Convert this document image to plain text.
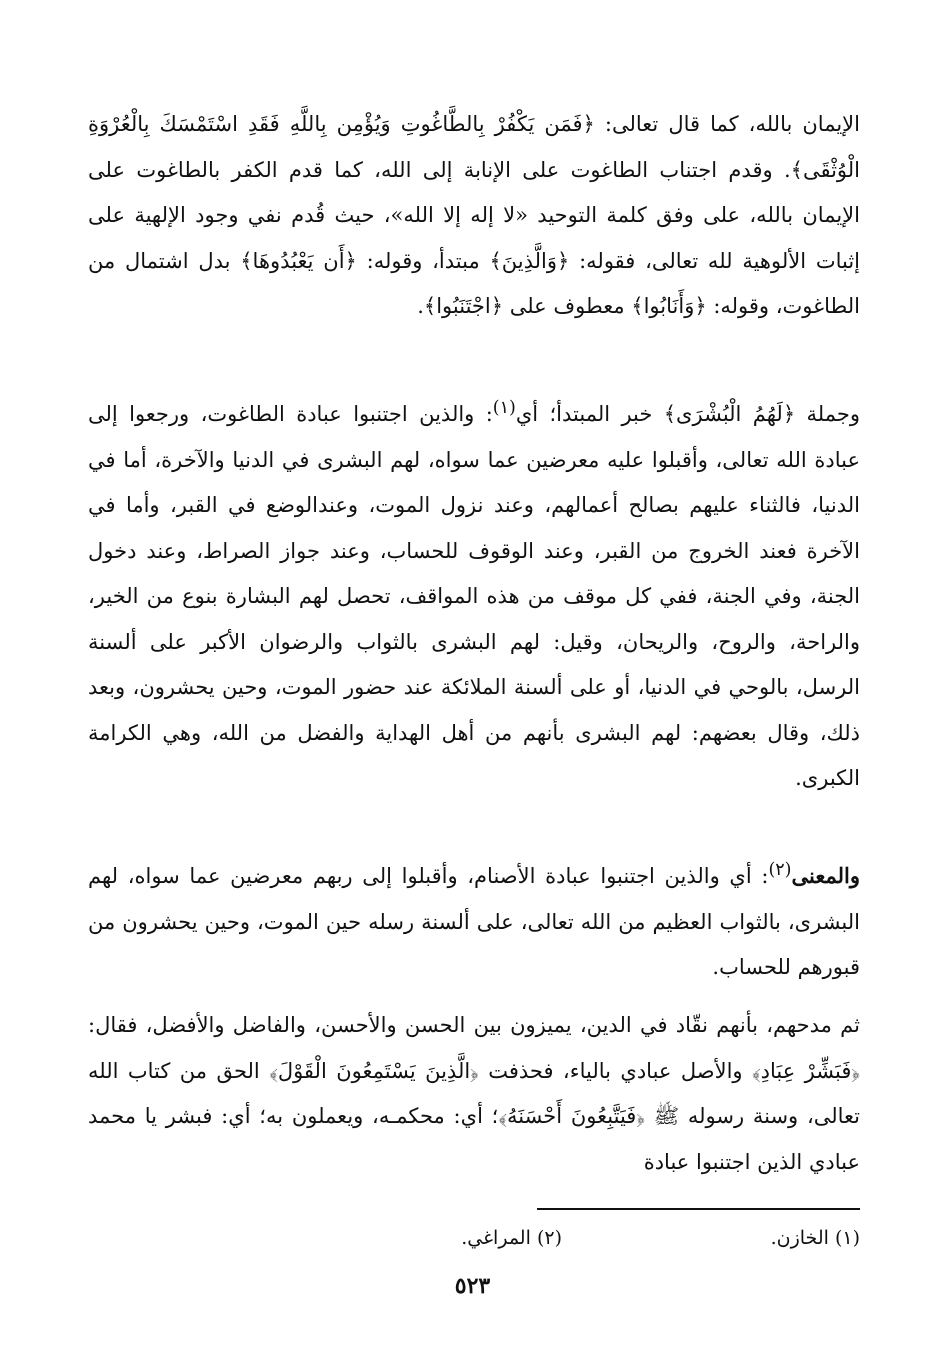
الإيمان بالله، كما قال تعالى: ﴿فَمَن يَكْفُرْ بِالطَّاغُوتِ وَيُؤْمِن بِاللَّهِ فَقَدِ اسْتَمْسَكَ بِالْعُرْوَةِ الْوُثْقَى﴾. وقدم اجتناب الطاغوت على الإنابة إلى الله، كما قدم الكفر بالطاغوت على الإيمان بالله، على وفق كلمة التوحيد «لا إله إلا الله»، حيث قُدم نفي وجود الإلهية على إثبات الألوهية لله تعالى، فقوله: ﴿وَالَّذِينَ﴾ مبتدأ، وقوله: ﴿أَن يَعْبُدُوهَا﴾ بدل اشتمال من الطاغوت، وقوله: ﴿وَأَنَابُوا﴾ معطوف على ﴿اجْتَنَبُوا﴾.

وجملة ﴿لَهُمُ الْبُشْرَى﴾ خبر المبتدأ؛ أي$^{(١)}$: والذين اجتنبوا عبادة الطاغوت، ورجعوا إلى عبادة الله تعالى، وأقبلوا عليه معرضين عما سواه، لهم البشرى في الدنيا والآخرة، أما في الدنيا، فالثناء عليهم بصالح أعمالهم، وعند نزول الموت، وعندالوضع في القبر، وأما في الآخرة فعند الخروج من القبر، وعند الوقوف للحساب، وعند جواز الصراط، وعند دخول الجنة، وفي الجنة، ففي كل موقف من هذه المواقف، تحصل لهم البشارة بنوع من الخير، والراحة، والروح، والريحان، وقيل: لهم البشرى بالثواب والرضوان الأكبر على ألسنة الرسل، بالوحي في الدنيا، أو على ألسنة الملائكة عند حضور الموت، وحين يحشرون، وبعد ذلك، وقال بعضهم: لهم البشرى بأنهم من أهل الهداية والفضل من الله، وهي الكرامة الكبرى.

والمعنى$^{(٢)}$: أي والذين اجتنبوا عبادة الأصنام، وأقبلوا إلى ربهم معرضين عما سواه، لهم البشرى، بالثواب العظيم من الله تعالى، على ألسنة رسله حين الموت، وحين يحشرون من قبورهم للحساب.

ثم مدحهم، بأنهم نقّاد في الدين، يميزون بين الحسن والأحسن، والفاضل والأفضل، فقال: ﴿فَبَشِّرْ عِبَادِ﴾ والأصل عبادي بالياء، فحذفت ﴿الَّذِينَ يَسْتَمِعُونَ الْقَوْلَ﴾ الحق من كتاب الله تعالى، وسنة رسوله ﷺ ﴿فَيَتَّبِعُونَ أَحْسَنَهُ﴾؛ أي: محكمـه، ويعملون به؛ أي: فبشر يا محمد عبادي الذين اجتنبوا عبادة

(١) الخازن.
(٢) المراغي.
٥٢٣
